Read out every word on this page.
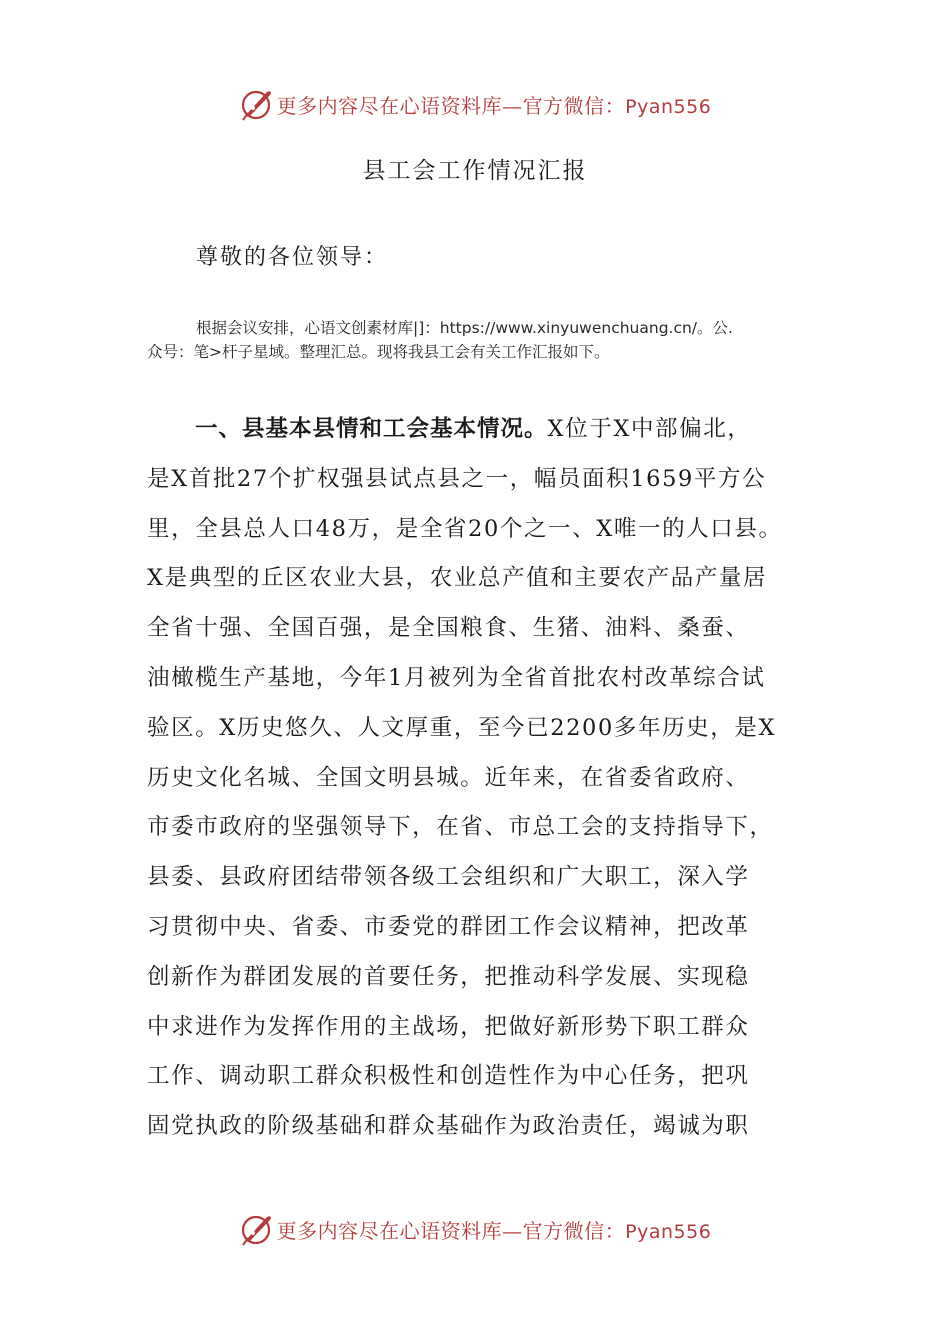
更多内容尽在心语资料库—官方微信：Pyan556
县工会工作情况汇报
尊敬的各位领导：
根据会议安排，心语文创素材库|]：https://www.xinyuwenchuang.cn/。公.
众号：笔>杆子星域。整理汇总。现将我县工会有关工作汇报如下。
一、县基本县情和工会基本情况。X位于X中部偏北，
是X首批27个扩权强县试点县之一，幅员面积1659平方公
里，全县总人口48万，是全省20个之一、X唯一的人口县。
X是典型的丘区农业大县，农业总产值和主要农产品产量居
全省十强、全国百强，是全国粮食、生猪、油料、桑蚕、
油橄榄生产基地，今年1月被列为全省首批农村改革综合试
验区。X历史悠久、人文厚重，至今已2200多年历史，是X
历史文化名城、全国文明县城。近年来，在省委省政府、
市委市政府的坚强领导下，在省、市总工会的支持指导下，
县委、县政府团结带领各级工会组织和广大职工，深入学
习贯彻中央、省委、市委党的群团工作会议精神，把改革
创新作为群团发展的首要任务，把推动科学发展、实现稳
中求进作为发挥作用的主战场，把做好新形势下职工群众
工作、调动职工群众积极性和创造性作为中心任务，把巩
固党执政的阶级基础和群众基础作为政治责任，竭诚为职
更多内容尽在心语资料库—官方微信：Pyan556
